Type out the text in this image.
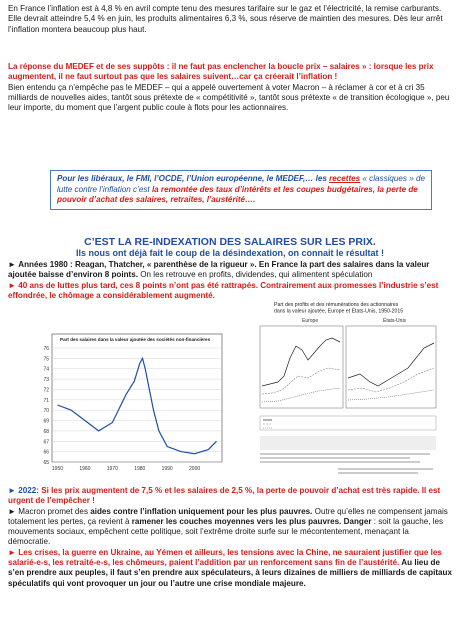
En France l’inflation est à 4,8 % en avril compte tenu des mesures tarifaire sur le gaz et l’électricité, la remise carburants. Elle devrait atteindre 5,4 % en juin, les produits alimentaires 6,3 %, sous réserve de maintien des mesures. Dès leur arrêt l’inflation montera beaucoup plus haut.
La réponse du MEDEF et de ses suppôts : il ne faut pas enclencher la boucle prix – salaires » : lorsque les prix augmentent, il ne faut surtout pas que les salaires suivent…car ça créerait l’inflation !
Bien entendu ça n’empêche pas le MEDEF – qui a appelé ouvertement à voter Macron – à réclamer à cor et à cri 35 milliards de nouvelles aides, tantôt sous prétexte de « compétitivité », tantôt sous prétexte « de transition écologique », peu leur importe, du moment que l’argent public coule à flots pour les actionnaires.
Pour les libéraux, le FMI, l’OCDE, l’Union européenne, le MEDEF,… les recettes « classiques » de lutte contre l’inflation c’est la remontée des taux d’intérêts et les coupes budgétaires, la perte de pouvoir d’achat des salaires, retraites, l’austérité….
C’EST LA RE-INDEXATION DES SALAIRES SUR LES PRIX.
Ils nous ont déjà fait le coup de la désindexation, on connait le résultat !
► Années 1980 : Reagan, Thatcher, « parenthèse de la rigueur ». En France la part des salaires dans la valeur ajoutée baisse d’environ 8 points. On les retrouve en profits, dividendes, qui alimentent spéculation
► 40 ans de luttes plus tard, ces 8 points n’ont pas été rattrapés. Contrairement aux promesses l’industrie s’est effondrée, le chômage a considérablement augmenté.
Part des salaires dans la valeur ajoutée des sociétés non-financières
65
66
67
68
69
70
71
72
73
74
75
76
1950	1960	1970	1980	1990	2000
Part des profits et des rémunérations des actionnaires dans la valeur ajoutée, Europe et États-Unis, 1950-2015
Europe	États-Unis
► 2022: Si les prix augmentent de 7,5 % et les salaires de 2,5 %, la perte de pouvoir d’achat est très rapide. Il est urgent de l’empêcher !
► Macron promet des aides contre l’inflation uniquement pour les plus pauvres. Outre qu’elles ne compensent jamais totalement les pertes, ça revient à ramener les couches moyennes vers les plus pauvres. Danger : soit la gauche, les mouvements sociaux, empêchent cette politique, soit l’extrême droite surfe sur le mécontentement, menaçant la démocratie.
► Les crises, la guerre en Ukraine, au Yémen et ailleurs, les tensions avec la Chine, ne sauraient justifier que les salarié-e-s, les retraité-e-s, les chômeurs, paient l’addition par un renforcement sans fin de l’austérité. Au lieu de s’en prendre aux peuples, il faut s’en prendre aux spéculateurs, à leurs dizaines de milliers de milliards de capitaux spéculatifs qui vont provoquer un jour ou l’autre une crise mondiale majeure.
